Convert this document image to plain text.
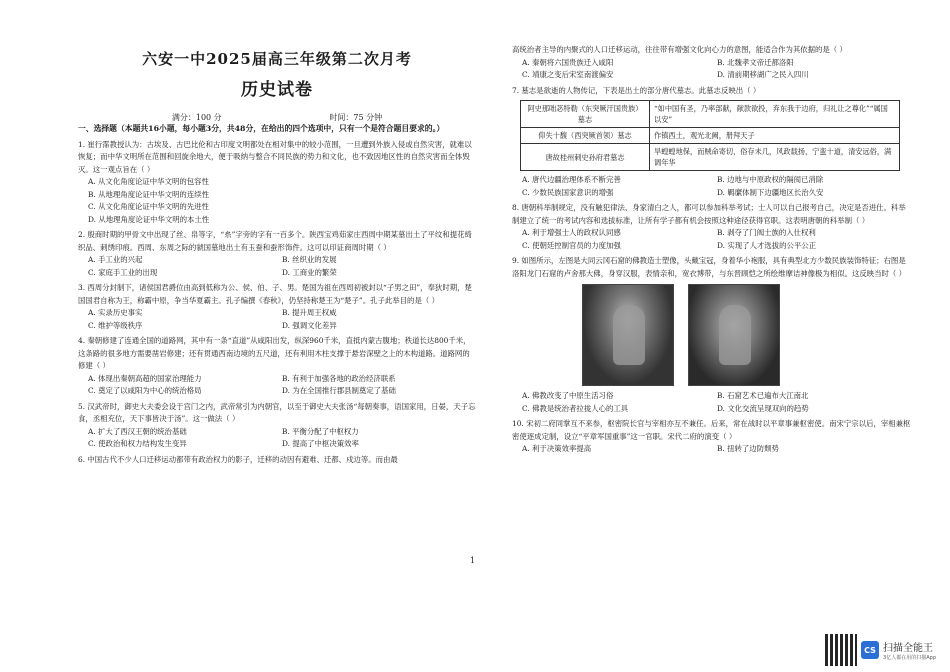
六安一中2025届高三年级第二次月考
历史试卷
满分：100 分	时间：75 分钟
一、选择题（本题共16小题，每小题3分，共48分，在给出的四个选项中，只有一个是符合题目要求的。）

1. 崔行霈教授认为：古埃及、古巴比伦和古印度文明都处在相对集中的较小范围，一旦遭到外族入侵或自然灾害，就难以恢复；而中华文明所在范围和回旋余地大，便于吸纳与整合不同民族的势力和文化，也不致因地区性的自然灾害而全体毁灭。这一观点旨在（ ）

A. 从文化角度论证中华文明的包容性
B. 从地理角度论证中华文明的连续性
C. 从文化角度论证中华文明的先进性
D. 从地理角度论证中华文明的本土性

2. 殷商时期的甲骨文中出现了丝、帛等字，“糸”字旁的字有一百多个。陕西宝鸡茹家庄西周中期某墓出土了平纹和提花绮织品、刺绣印痕。西周、东周之际的虢国墓地出土有玉蚕和蚕形饰件。这可以印证商周时期（ ）

A. 手工业的兴起	B. 丝织业的发展
C. 家庭手工业的出现	D. 工商业的繁荣

3. 西周分封制下，诸侯国君爵位由高到低称为公、侯、伯、子、男。楚国为祖在西周初被封以“子男之田”，奉狄时期，楚国国君自称为王，称霸中原，争当华夏霸主。孔子编撰《春秋》，仍坚持称楚王为“楚子”。孔子此举目的是（ ）

A. 实录历史事实	B. 提升周王权威
C. 维护等级秩序	D. 强调文化差异

4. 秦朝修建了连通全国的道路网，其中有一条“直道”从咸阳出发，纵深960千米，直抵内蒙古腹地；秩道长达800千米，这条路的很多地方需要凿岩修建；还有贯通西南边境的五尺道，还有利用木柱支撑于悬岩深壁之上的木构道路。道路网的修建（ ）

A. 体现出秦朝高超的国家治理能力	B. 有利于加强各地的政治经济联系
C. 奠定了以咸阳为中心的统治格局	D. 为在全国推行郡县制奠定了基础

5. 汉武帝时，御史大夫委会设于宫门之内，武帝常引为内朝官，以至于御史大夫张汤“每朝奏事，语国家用，日晏，天子忘食，丞相充位，天下事皆决于汤”。这一做法（ ）

A. 扩大了西汉王朝的统治基础	B. 平衡分配了中枢权力
C. 使政治和权力结构发生变异	D. 提高了中枢决策效率

6. 中国古代不少人口迁移运动都带有政治权力的影子，迁移的动因有避难、迁都、戍边等。而由最

高统治者主导的内聚式的人口迁移运动，往往带有增强文化向心力的意图，能适合作为其依据的是（ ）

A. 秦朝将六国贵族迁入咸阳	B. 北魏孝文帝迁都洛阳
C. 靖康之变后宋室南渡偏安	D. 清前期移湖广之民入四川

7. 墓志是欲逝的人物传记，下表是出土的部分唐代墓志。此墓志反映出（ ）

阿史那咄苾特勒（东突厥汗国贵族）墓志	“如中国有圣，乃率部献，献款欲投，弃东我于边府，归礼让之尊化”“属国以安”
仰失十馥（西突厥首领）墓志	作镇西土，观光北阙，册拜天子
唐故桂州刺史孙府君墓志	旱蝗蝗地保，而贼命寄切，俗存未几，风政载扬，宁蛮十道，清安远俗，满调年华
A. 唐代边疆治理体系不断完善	B. 边地与中原政权的隔阂已消除
C. 少数民族国家意识的增强	D. 羁縻体制下边疆地区长治久安

8. 唐朝科举制规定，没有触犯律法、身家清白之人，都可以参加科举考试；士人可以自己报考自己，决定是否进仕。科举制建立了统一的考试内容和选拔标准，让所有学子都有机会按照这种途径获得官职。这表明唐朝的科举制（ ）

A. 利于增强士人的政权认同感	B. 剥夺了门阀士族的入仕权利
C. 使朝廷控制官员的力度加强	D. 实现了人才选拔的公平公正

9. 如图所示，左图是大同云冈石窟的佛教造士塑像，头戴宝冠，身着华小袍服，具有典型北方少数民族装饰特征；右图是洛阳龙门石窟的卢舍那大佛，身穿汉服，表情亲和，宽衣博带，与东晋顾恺之所绘维摩诘神像极为相似。这反映当时（ ）

A. 佛教改变了中原生活习俗	B. 石窟艺术已遍布大江南北
C. 佛教是统治者拉拢人心的工具	D. 文化交流呈现双向的趋势

10. 宋初二府同掌互不来参，枢密院长官与宰相亦互不兼任。后来，常在战时以平章事兼枢密使。南宋宁宗以后，宰相兼枢密使逐成定制，设立“平章军国重事”这一官职。宋代二府的演变（ ）

A. 利于决策效率提高	B. 扭转了边防颓势
1
CS 扫描全能王
3亿人都在用的扫描App
